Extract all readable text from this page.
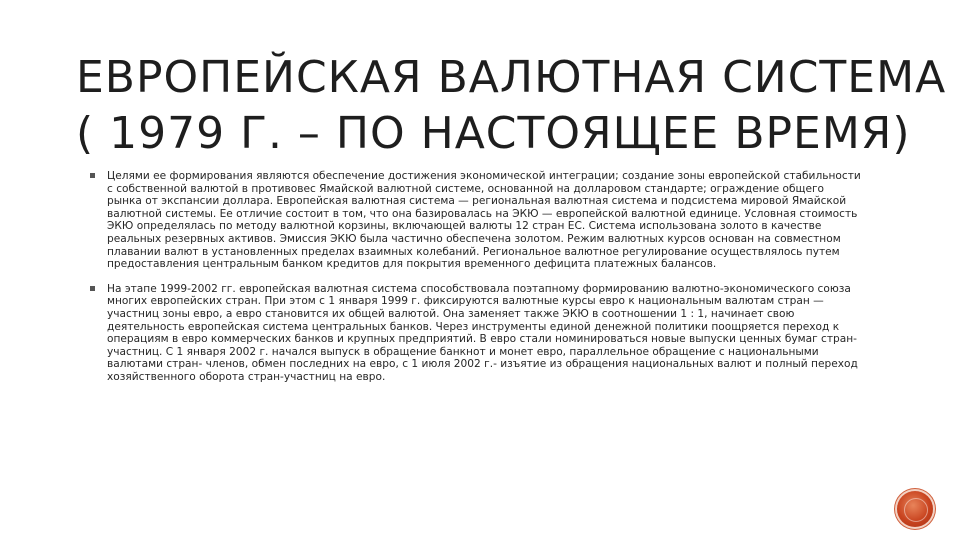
ЕВРОПЕЙСКАЯ ВАЛЮТНАЯ СИСТЕМА
( 1979 Г. – ПО НАСТОЯЩЕЕ ВРЕМЯ)

Целями ее формирования являются обеспечение достижения экономической интеграции; создание зоны европейской стабильности с собственной валютой в противовес Ямайской валютной системе, основанной на долларовом стандарте; ограждение общего рынка от экспансии доллара. Европейская валютная система — региональная валютная система и подсистема мировой Ямайской валютной системы. Ее отличие состоит в том, что она базировалась на ЭКЮ — европейской валютной единице. Условная стоимость ЭКЮ определялась по методу валютной корзины, включающей валюты 12 стран ЕС. Система использована золото в качестве реальных резервных активов. Эмиссия ЭКЮ была частично обеспечена золотом. Режим валютных курсов основан на совместном плавании валют в установленных пределах взаимных колебаний. Региональное валютное регулирование осуществлялось путем предоставления центральным банком кредитов для покрытия временного дефицита платежных балансов.

На этапе 1999-2002 гг. европейская валютная система способствовала поэтапному формированию валютно-экономического союза многих европейских стран. При этом с 1 января 1999 г. фиксируются валютные курсы евро к национальным валютам стран — участниц зоны евро, а евро становится их общей валютой. Она заменяет также ЭКЮ в соотношении 1 : 1, начинает свою деятельность европейская система центральных банков. Через инструменты единой денежной политики поощряется переход к операциям в евро коммерческих банков и крупных предприятий. В евро стали номинироваться новые выпуски ценных бумаг стран-участниц. С 1 января 2002 г. начался выпуск в обращение банкнот и монет евро, параллельное обращение с национальными валютами стран- членов, обмен последних на евро, с 1 июля 2002 г.- изъятие из обращения национальных валют и полный переход хозяйственного оборота стран-участниц на евро.
